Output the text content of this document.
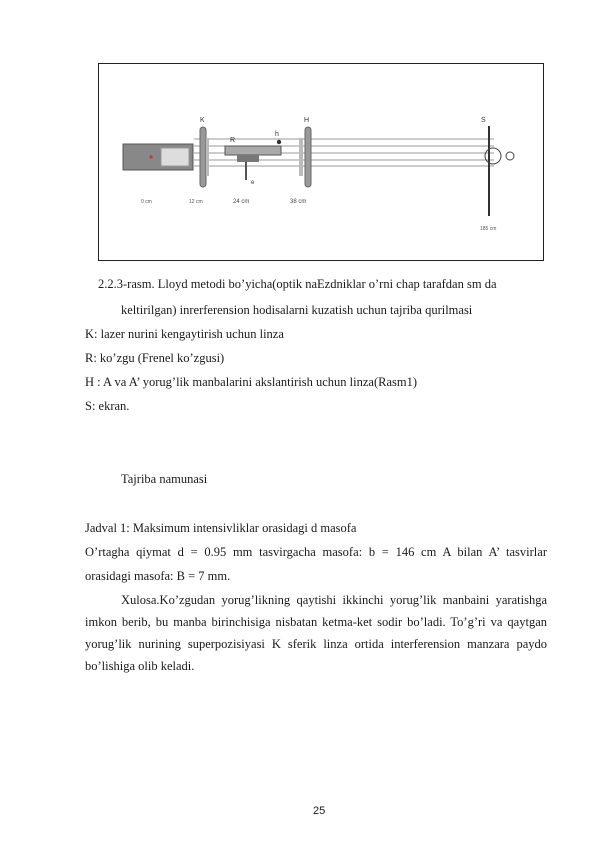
K
R
h
H	S
e
0 cm	12 cm	24 cm	38 cm
185 cm
2.2.3-rasm. Lloyd metodi bo’yicha(optik naEzdniklar o’rni chap tarafdan sm da
keltirilgan) inrerferension hodisalarni kuzatish uchun tajriba qurilmasi
K: lazer nurini kengaytirish uchun linza
R: ko’zgu (Frenel ko’zgusi)
H : A va A’ yorug’lik manbalarini akslantirish uchun linza(Rasm1)
S: ekran.
Tajriba namunasi
Jadval 1: Maksimum intensivliklar orasidagi d masofa
O’rtagha qiymat d = 0.95 mm tasvirgacha masofa: b = 146 cm A bilan A’ tasvirlar
orasidagi masofa: B = 7 mm.
Xulosa.Ko’zgudan yorug’likning qaytishi ikkinchi yorug’lik manbaini yaratishga imkon berib, bu manba birinchisiga nisbatan ketma-ket sodir bo’ladi. To’g’ri va qaytgan yorug’lik nurining superpozisiyasi K sferik linza ortida interferension manzara paydo bo’lishiga olib keladi.
25
